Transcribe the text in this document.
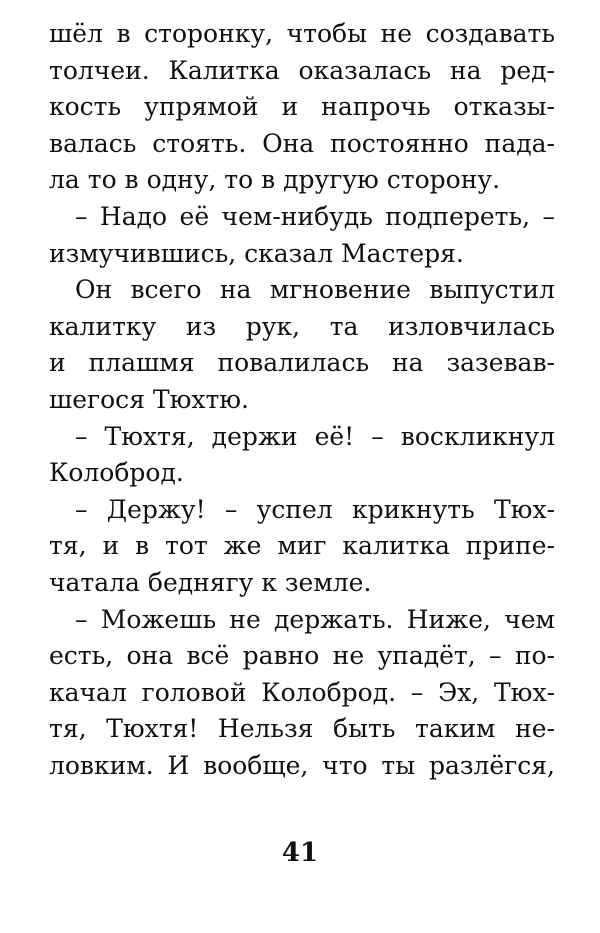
шёл в сторонку, чтобы не создавать
толчеи. Калитка оказалась на ред-
кость упрямой и напрочь отказы-
валась стоять. Она постоянно пада-
ла то в одну, то в другую сторону.
– Надо её чем-нибудь подпереть, –
измучившись, сказал Мастеря.
Он всего на мгновение выпустил
калитку из рук, та изловчилась
и плашмя повалилась на зазевав-
шегося Тюхтю.
– Тюхтя, держи её! – воскликнул
Колоброд.
– Держу! – успел крикнуть Тюх-
тя, и в тот же миг калитка припе-
чатала беднягу к земле.
– Можешь не держать. Ниже, чем
есть, она всё равно не упадёт, – по-
качал головой Колоброд. – Эх, Тюх-
тя, Тюхтя! Нельзя быть таким не-
ловким. И вообще, что ты разлёгся,
41
